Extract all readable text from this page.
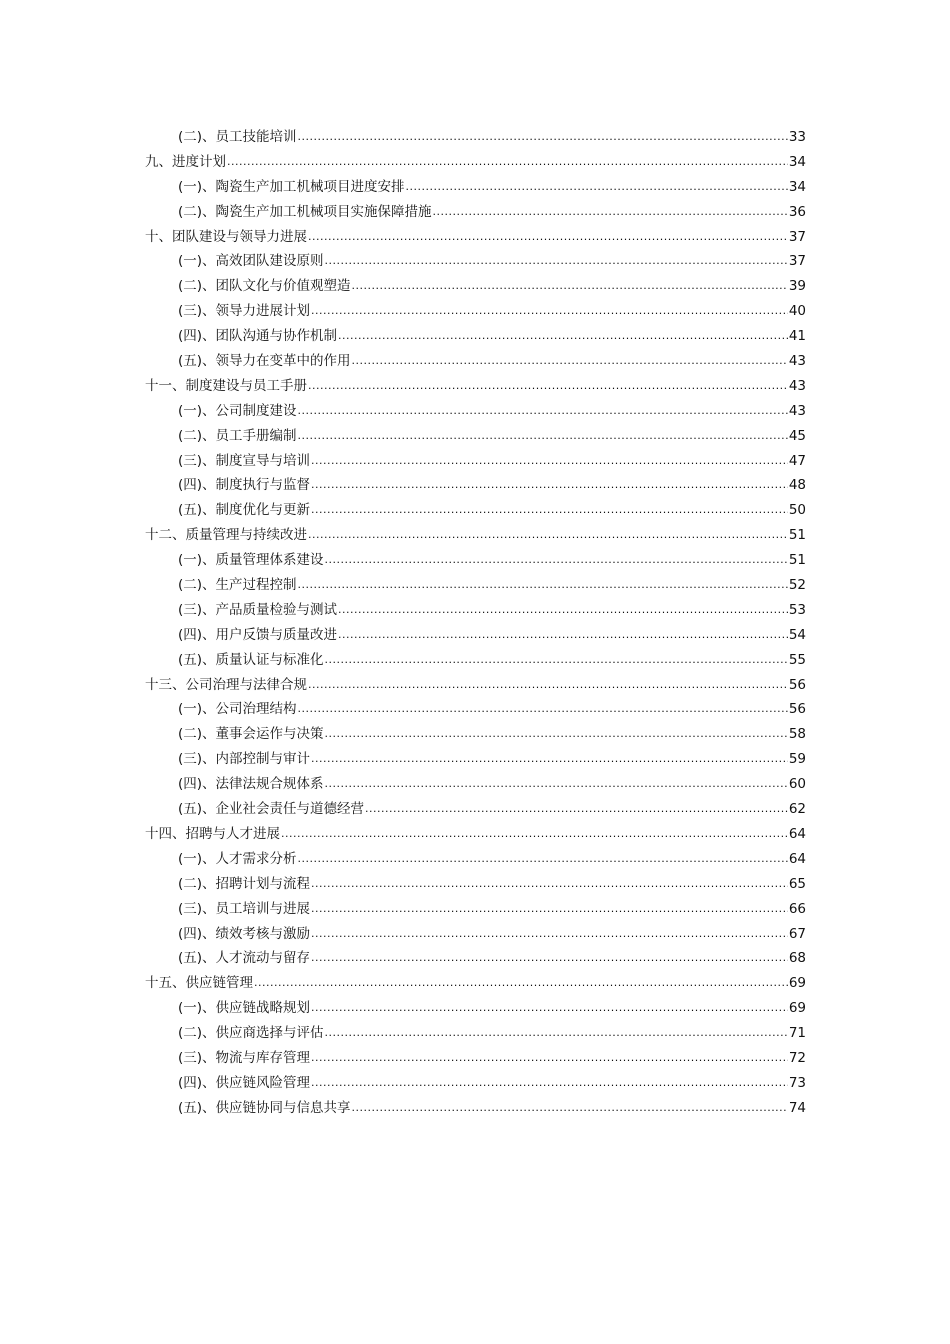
(二)、员工技能培训 .....	33
九、进度计划 .....	34
(一)、陶瓷生产加工机械项目进度安排 .....	34
(二)、陶瓷生产加工机械项目实施保障措施 .....	36
十、团队建设与领导力进展 .....	37
(一)、高效团队建设原则 .....	37
(二)、团队文化与价值观塑造 .....	39
(三)、领导力进展计划 .....	40
(四)、团队沟通与协作机制 .....	41
(五)、领导力在变革中的作用 .....	43
十一、制度建设与员工手册 .....	43
(一)、公司制度建设 .....	43
(二)、员工手册编制 .....	45
(三)、制度宣导与培训 .....	47
(四)、制度执行与监督 .....	48
(五)、制度优化与更新 .....	50
十二、质量管理与持续改进 .....	51
(一)、质量管理体系建设 .....	51
(二)、生产过程控制 .....	52
(三)、产品质量检验与测试 .....	53
(四)、用户反馈与质量改进 .....	54
(五)、质量认证与标准化 .....	55
十三、公司治理与法律合规 .....	56
(一)、公司治理结构 .....	56
(二)、董事会运作与决策 .....	58
(三)、内部控制与审计 .....	59
(四)、法律法规合规体系 .....	60
(五)、企业社会责任与道德经营 .....	62
十四、招聘与人才进展 .....	64
(一)、人才需求分析 .....	64
(二)、招聘计划与流程 .....	65
(三)、员工培训与进展 .....	66
(四)、绩效考核与激励 .....	67
(五)、人才流动与留存 .....	68
十五、供应链管理 .....	69
(一)、供应链战略规划 .....	69
(二)、供应商选择与评估 .....	71
(三)、物流与库存管理 .....	72
(四)、供应链风险管理 .....	73
(五)、供应链协同与信息共享 .....	74
